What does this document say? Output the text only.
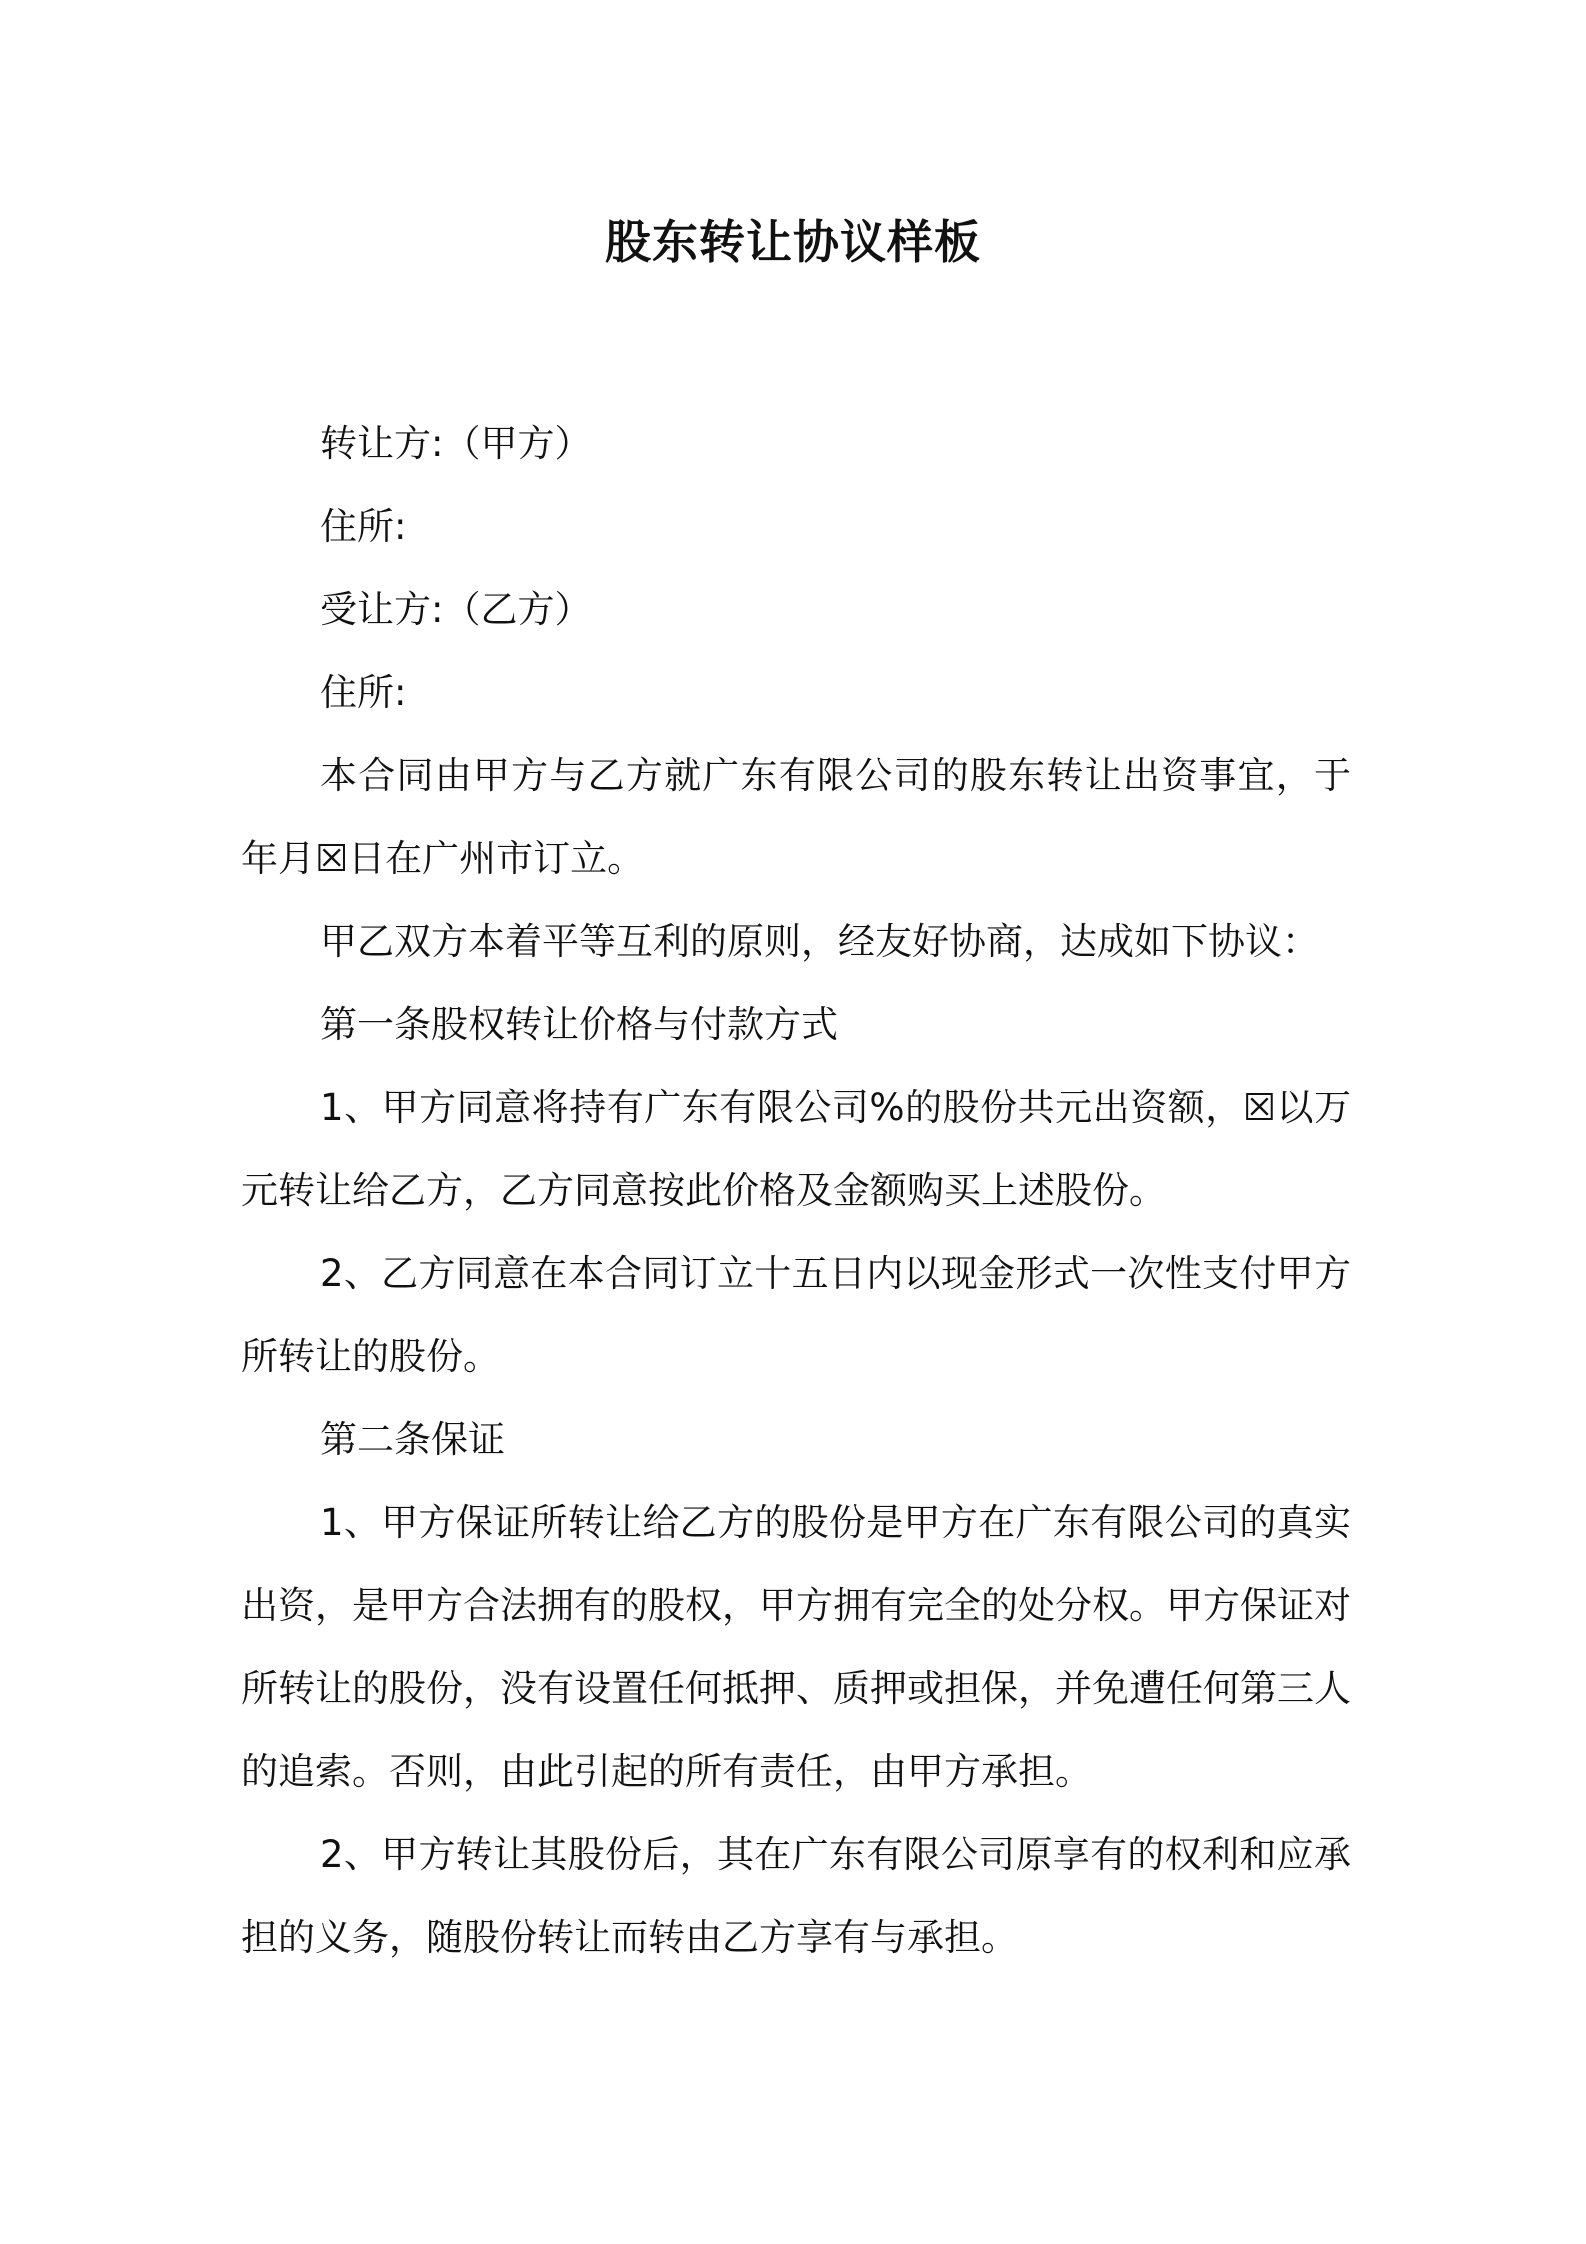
股东转让协议样板

转让方:（甲方）

住所:

受让方:（乙方）

住所:

本合同由甲方与乙方就广东有限公司的股东转让出资事宜，于年月☒日在广州市订立。

甲乙双方本着平等互利的原则，经友好协商，达成如下协议：

第一条股权转让价格与付款方式

1、甲方同意将持有广东有限公司%的股份共元出资额，☒以万元转让给乙方，乙方同意按此价格及金额购买上述股份。

2、乙方同意在本合同订立十五日内以现金形式一次性支付甲方所转让的股份。

第二条保证

1、甲方保证所转让给乙方的股份是甲方在广东有限公司的真实出资，是甲方合法拥有的股权，甲方拥有完全的处分权。甲方保证对所转让的股份，没有设置任何抵押、质押或担保，并免遭任何第三人的追索。否则，由此引起的所有责任，由甲方承担。

2、甲方转让其股份后，其在广东有限公司原享有的权利和应承担的义务，随股份转让而转由乙方享有与承担。
